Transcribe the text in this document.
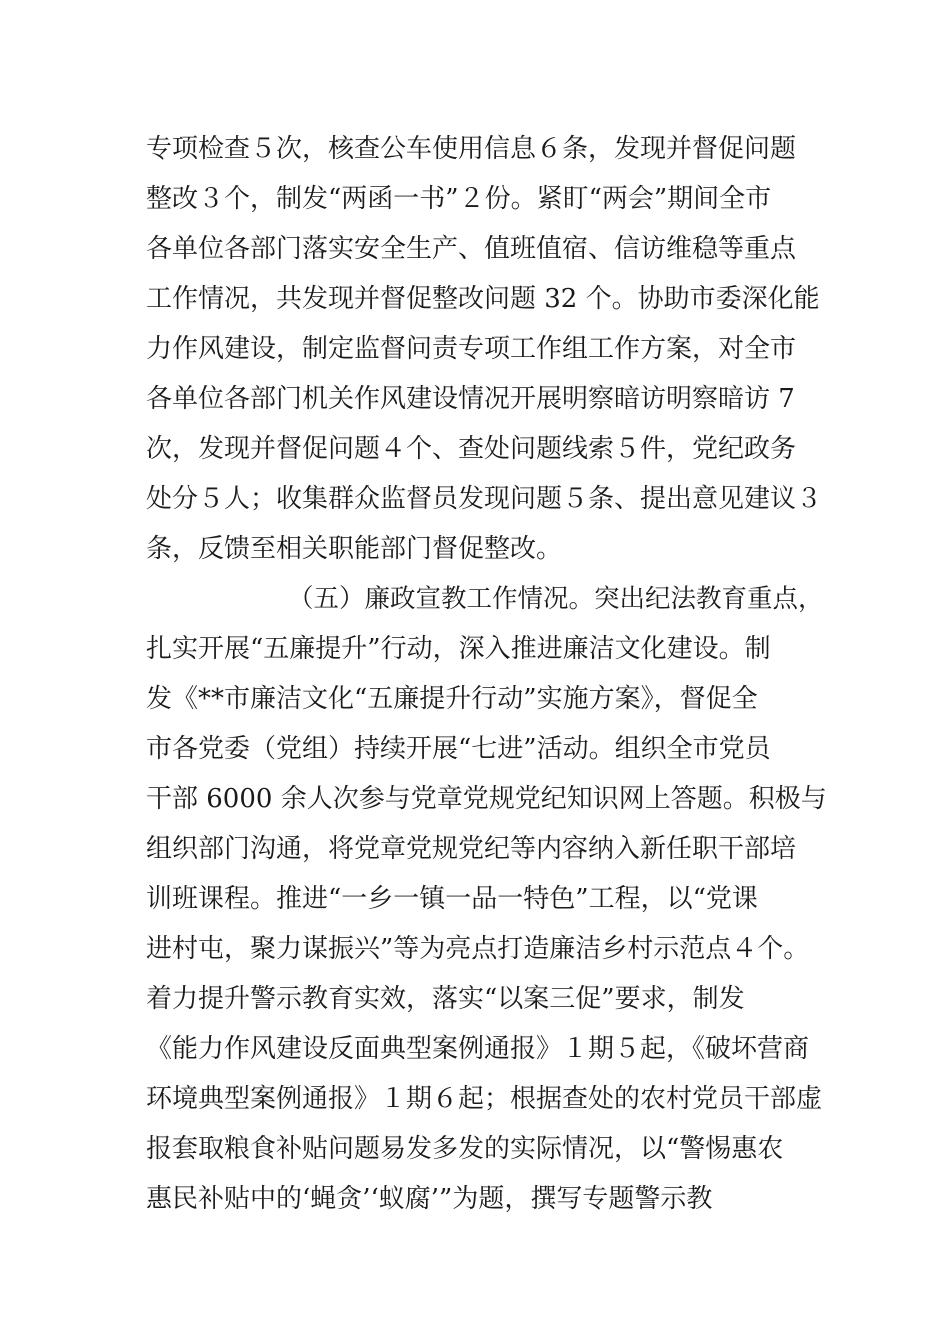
专项检查５次，核查公车使用信息６条，发现并督促问题
整改３个，制发“两函一书”２份。紧盯“两会”期间全市
各单位各部门落实安全生产、值班值宿、信访维稳等重点
工作情况，共发现并督促整改问题 32 个。协助市委深化能
力作风建设，制定监督问责专项工作组工作方案，对全市
各单位各部门机关作风建设情况开展明察暗访明察暗访 7
次，发现并督促问题４个、查处问题线索５件，党纪政务
处分５人；收集群众监督员发现问题５条、提出意见建议３
条，反馈至相关职能部门督促整改。
（五）廉政宣教工作情况。突出纪法教育重点，
扎实开展“五廉提升”行动，深入推进廉洁文化建设。制
发《**市廉洁文化“五廉提升行动”实施方案》，督促全
市各党委（党组）持续开展“七进”活动。组织全市党员
干部 6000 余人次参与党章党规党纪知识网上答题。积极与
组织部门沟通，将党章党规党纪等内容纳入新任职干部培
训班课程。推进“一乡一镇一品一特色”工程，以“党课
进村屯，聚力谋振兴”等为亮点打造廉洁乡村示范点４个。
着力提升警示教育实效，落实“以案三促”要求，制发
《能力作风建设反面典型案例通报》１期５起，《破坏营商
环境典型案例通报》１期６起；根据查处的农村党员干部虚
报套取粮食补贴问题易发多发的实际情况，以“警惕惠农
惠民补贴中的‘蝇贪’‘蚁腐’”为题，撰写专题警示教
